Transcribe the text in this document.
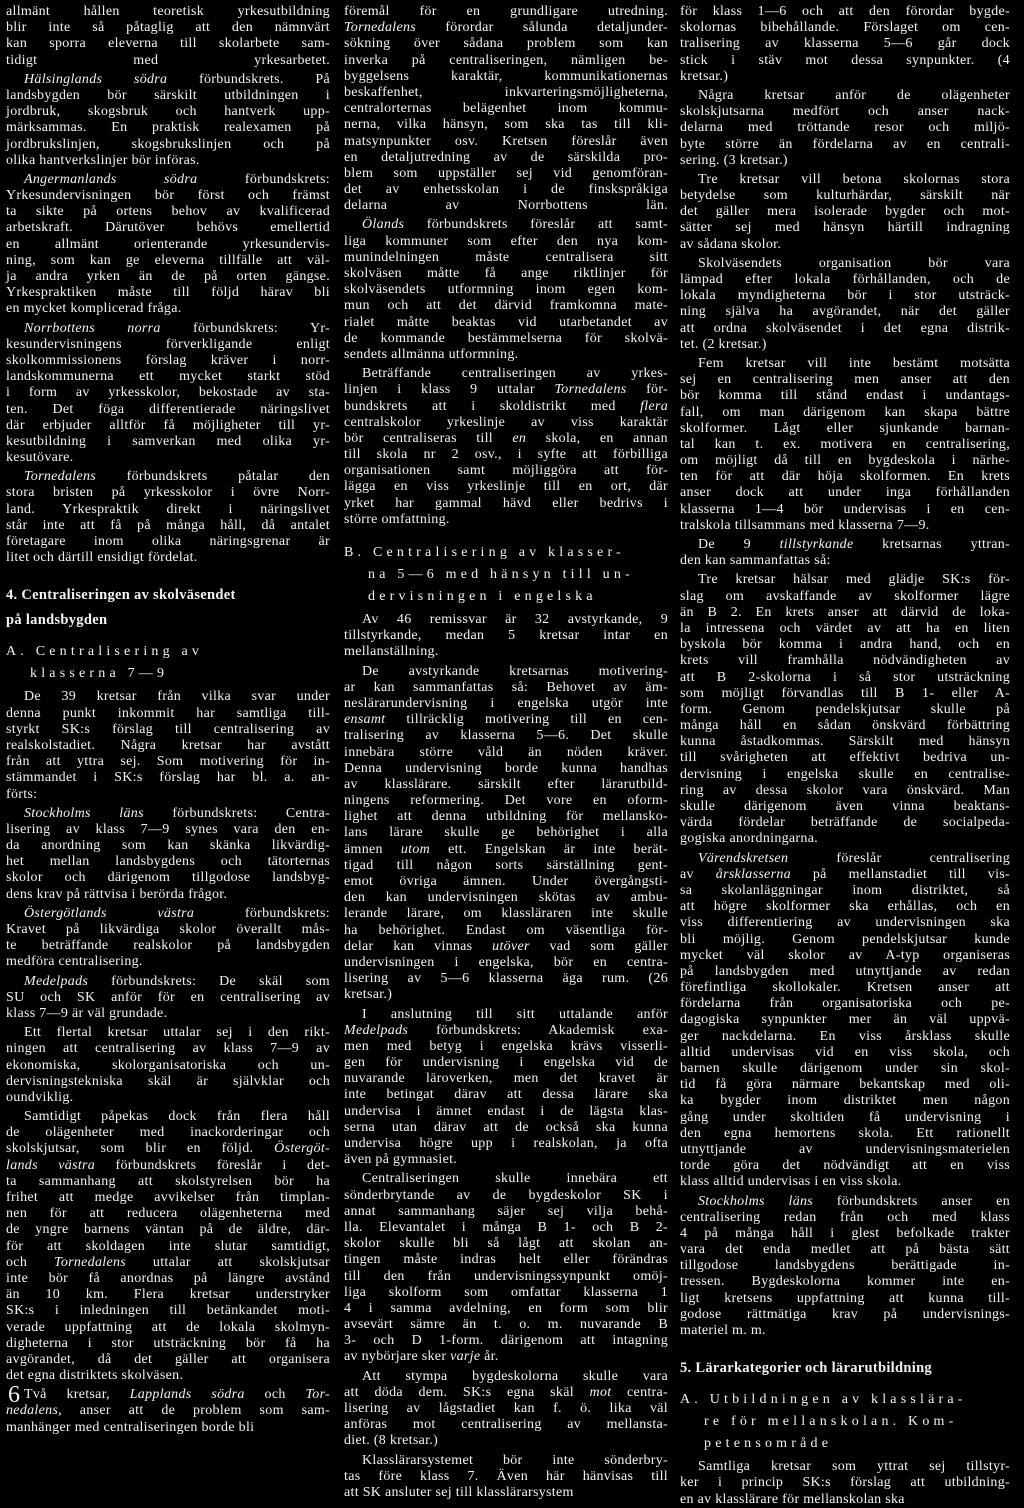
allmänt hållen teoretisk yrkesutbildning
blir inte så påtaglig att den nämnvärt
kan sporra eleverna till skolarbete sam-
tidigt med yrkesarbetet.
Hälsinglands södra förbundskrets. På
landsbygden bör särskilt utbildningen i
jordbruk, skogsbruk och hantverk upp-
märksammas. En praktisk realexamen på
jordbrukslinjen, skogsbrukslinjen och på
olika hantverkslinjer bör införas.
Angermanlands södra förbundskrets:
Yrkesundervisningen bör först och främst
ta sikte på ortens behov av kvalificerad
arbetskraft. Därutöver behövs emellertid
en allmänt orienterande yrkesundervis-
ning, som kan ge eleverna tillfälle att väl-
ja andra yrken än de på orten gängse.
Yrkespraktiken måste till följd härav bli
en mycket komplicerad fråga.
Norrbottens norra förbundskrets: Yr-
kesundervisningens förverkligande enligt
skolkommissionens förslag kräver i norr-
landskommunerna ett mycket starkt stöd
i form av yrkesskolor, bekostade av sta-
ten. Det föga differentierade näringslivet
där erbjuder alltför få möjligheter till yr-
kesutbildning i samverkan med olika yr-
kesutövare.
Tornedalens förbundskrets påtalar den
stora bristen på yrkesskolor i övre Norr-
land. Yrkespraktik direkt i näringslivet
står inte att få på många håll, då antalet
företagare inom olika näringsgrenar är
litet och därtill ensidigt fördelat.
4. Centraliseringen av skolväsendet
på landsbygden
A. Centralisering av
klasserna 7—9
De 39 kretsar från vilka svar under
denna punkt inkommit har samtliga till-
styrkt SK:s förslag till centralisering av
realskolstadiet. Några kretsar har avstått
från att yttra sej. Som motivering för in-
stämmandet i SK:s förslag har bl. a. an-
förts:
Stockholms läns förbundskrets: Centra-
lisering av klass 7—9 synes vara den en-
da anordning som kan skänka likvärdig-
het mellan landsbygdens och tätorternas
skolor och därigenom tillgodose landsbyg-
dens krav på rättvisa i berörda frågor.
Östergötlands västra förbundskrets:
Kravet på likvärdiga skolor överallt mås-
te beträffande realskolor på landsbygden
medföra centralisering.
Medelpads förbundskrets: De skäl som
SU och SK anför för en centralisering av
klass 7—9 är väl grundade.
Ett flertal kretsar uttalar sej i den rikt-
ningen att centralisering av klass 7—9 av
ekonomiska, skolorganisatoriska och un-
dervisningstekniska skäl är självklar och
oundviklig.
Samtidigt påpekas dock från flera håll
de olägenheter med inackorderingar och
skolskjutsar, som blir en följd. Östergöt-
lands västra förbundskrets föreslår i det-
ta sammanhang att skolstyrelsen bör ha
frihet att medge avvikelser från timplan-
nen för att reducera olägenheterna med
de yngre barnens väntan på de äldre, där-
för att skoldagen inte slutar samtidigt,
och Tornedalens uttalar att skolskjutsar
inte bör få anordnas på längre avstånd
än 10 km. Flera kretsar understryker
SK:s i inledningen till betänkandet moti-
verade uppfattning att de lokala skolmyn-
digheterna i stor utsträckning bör få ha
avgörandet, då det gäller att organisera
det egna distriktets skolväsen.
Två kretsar, Lapplands södra och Tor-
nedalens, anser att de problem som sam-
manhänger med centraliseringen borde bli
föremål för en grundligare utredning.
Tornedalens förordar sålunda detaljunder-
sökning över sådana problem som kan
inverka på centraliseringen, nämligen be-
byggelsens karaktär, kommunikationernas
beskaffenhet, inkvarteringsmöjligheterna,
centralorternas belägenhet inom kommu-
nerna, vilka hänsyn, som ska tas till kli-
matsynpunkter osv. Kretsen föreslår även
en detaljutredning av de särskilda pro-
blem som uppställer sej vid genomföran-
det av enhetsskolan i de finskspråkiga
delarna av Norrbottens län.
Ölands förbundskrets föreslår att samt-
liga kommuner som efter den nya kom-
munindelningen måste centralisera sitt
skolväsen måtte få ange riktlinjer för
skolväsendets utformning inom egen kom-
mun och att det därvid framkomna mate-
rialet måtte beaktas vid utarbetandet av
de kommande bestämmelserna för skolvä-
sendets allmänna utformning.
Beträffande centraliseringen av yrkes-
linjen i klass 9 uttalar Tornedalens för-
bundskrets att i skoldistrikt med flera
centralskolor yrkeslinje av viss karaktär
bör centraliseras till en skola, en annan
till skola nr 2 osv., i syfte att förbilliga
organisationen samt möjliggöra att för-
lägga en viss yrkeslinje till en ort, där
yrket har gammal hävd eller bedrivs i
större omfattning.
B. Centralisering av klasser-
na 5—6 med hänsyn till un-
dervisningen i engelska
Av 46 remissvar är 32 avstyrkande, 9
tillstyrkande, medan 5 kretsar intar en
mellanställning.
De avstyrkande kretsarnas motivering-
ar kan sammanfattas så: Behovet av äm-
neslärarundervisning i engelska utgör inte
ensamt tillräcklig motivering till en cen-
tralisering av klasserna 5—6. Det skulle
innebära större våld än nöden kräver.
Denna undervisning borde kunna handhas
av klasslärare. särskilt efter lärarutbild-
ningens reformering. Det vore en oform-
lighet att denna utbildning för mellansko-
lans lärare skulle ge behörighet i alla
ämnen utom ett. Engelskan är inte berät-
tigad till någon sorts särställning gent-
emot övriga ämnen. Under övergångsti-
den kan undervisningen skötas av ambu-
lerande lärare, om klassläraren inte skulle
ha behörighet. Endast om väsentliga för-
delar kan vinnas utöver vad som gäller
undervisningen i engelska, bör en centra-
lisering av 5—6 klasserna äga rum. (26
kretsar.)
I anslutning till sitt uttalande anför
Medelpads förbundskrets: Akademisk exa-
men med betyg i engelska krävs visserli-
gen för undervisning i engelska vid de
nuvarande läroverken, men det kravet är
inte betingat därav att dessa lärare ska
undervisa i ämnet endast i de lägsta klas-
serna utan därav att de också ska kunna
undervisa högre upp i realskolan, ja ofta
även på gymnasiet.
Centraliseringen skulle innebära ett
sönderbrytande av de bygdeskolor SK i
annat sammanhang säjer sej vilja behå-
lla. Elevantalet i många B 1- och B 2-
skolor skulle bli så lågt att skolan an-
tingen måste indras helt eller förändras
till den från undervisningssynpunkt omöj-
liga skolform som omfattar klasserna 1
4 i samma avdelning, en form som blir
avsevärt sämre än t. o. m. nuvarande B
3- och D 1-form. därigenom att intagning
av nybörjare sker varje år.
Att stympa bygdeskolorna skulle vara
att döda dem. SK:s egna skäl mot centra-
lisering av lågstadiet kan f. ö. lika väl
anföras mot centralisering av mellansta-
diet. (8 kretsar.)
Klasslärarsystemet bör inte sönderbry-
tas före klass 7. Även här hänvisas till
att SK ansluter sej till klasslärarsystem
för klass 1—6 och att den förordar bygde-
skolornas bibehållande. Förslaget om cen-
tralisering av klasserna 5—6 går dock
stick i stäv mot dessa synpunkter. (4
kretsar.)
Några kretsar anför de olägenheter
skolskjutsarna medfört och anser nack-
delarna med tröttande resor och miljö-
byte större än fördelarna av en centrali-
sering. (3 kretsar.)
Tre kretsar vill betona skolornas stora
betydelse som kulturhärdar, särskilt när
det gäller mera isolerade bygder och mot-
sätter sej med hänsyn härtill indragning
av sådana skolor.
Skolväsendets organisation bör vara
lämpad efter lokala förhållanden, och de
lokala myndigheterna bör i stor utsträck-
ning själva ha avgörandet, när det gäller
att ordna skolväsendet i det egna distrik-
tet. (2 kretsar.)
Fem kretsar vill inte bestämt motsätta
sej en centralisering men anser att den
bör komma till stånd endast i undantags-
fall, om man därigenom kan skapa bättre
skolformer. Lågt eller sjunkande barnan-
tal kan t. ex. motivera en centralisering,
om möjligt då till en bygdeskola i närhe-
ten för att där höja skolformen. En krets
anser dock att under inga förhållanden
klasserna 1—4 bör undervisas i en cen-
tralskola tillsammans med klasserna 7—9.
De 9 tillstyrkande kretsarnas yttran-
den kan sammanfattas så:
Tre kretsar hälsar med glädje SK:s för-
slag om avskaffande av skolformer lägre
än B 2. En krets anser att därvid de loka-
la intressena och värdet av att ha en liten
byskola bör komma i andra hand, och en
krets vill framhålla nödvändigheten av
att B 2-skolorna i så stor utsträckning
som möjligt förvandlas till B 1- eller A-
form. Genom pendelskjutsar skulle på
många håll en sådan önskvärd förbättring
kunna åstadkommas. Särskilt med hänsyn
till svårigheten att effektivt bedriva un-
dervisning i engelska skulle en centralise-
ring av dessa skolor vara önskvärd. Man
skulle därigenom även vinna beaktans-
värda fördelar beträffande de socialpeda-
gogiska anordningarna.
Värendskretsen föreslår centralisering
av årsklasserna på mellanstadiet till vis-
sa skolanläggningar inom distriktet, så
att högre skolformer ska erhållas, och en
viss differentiering av undervisningen ska
bli möjlig. Genom pendelskjutsar kunde
mycket väl skolor av A-typ organiseras
på landsbygden med utnyttjande av redan
förefintliga skollokaler. Kretsen anser att
fördelarna från organisatoriska och pe-
dagogiska synpunkter mer än väl uppvä-
ger nackdelarna. En viss årsklass skulle
alltid undervisas vid en viss skola, och
barnen skulle därigenom under sin skol-
tid få göra närmare bekantskap med oli-
ka bygder inom distriktet men någon
gång under skoltiden få undervisning i
den egna hemortens skola. Ett rationellt
utnyttjande av undervisningsmaterielen
torde göra det nödvändigt att en viss
klass alltid undervisas i en viss skola.
Stockholms läns förbundskrets anser en
centralisering redan från och med klass
4 på många håll i glest befolkade trakter
vara det enda medlet att på bästa sätt
tillgodose landsbygdens berättigade in-
tressen. Bygdeskolorna kommer inte en-
ligt kretsens uppfattning att kunna till-
godose rättmätiga krav på undervisnings-
materiel m. m.
5. Lärarkategorier och lärarutbildning
A. Utbildningen av klasslära-
re för mellanskolan. Kom-
petensområde
Samtliga kretsar som yttrat sej tillstyr-
ker i princip SK:s förslag att utbildning-
en av klasslärare för mellanskolan ska
6
